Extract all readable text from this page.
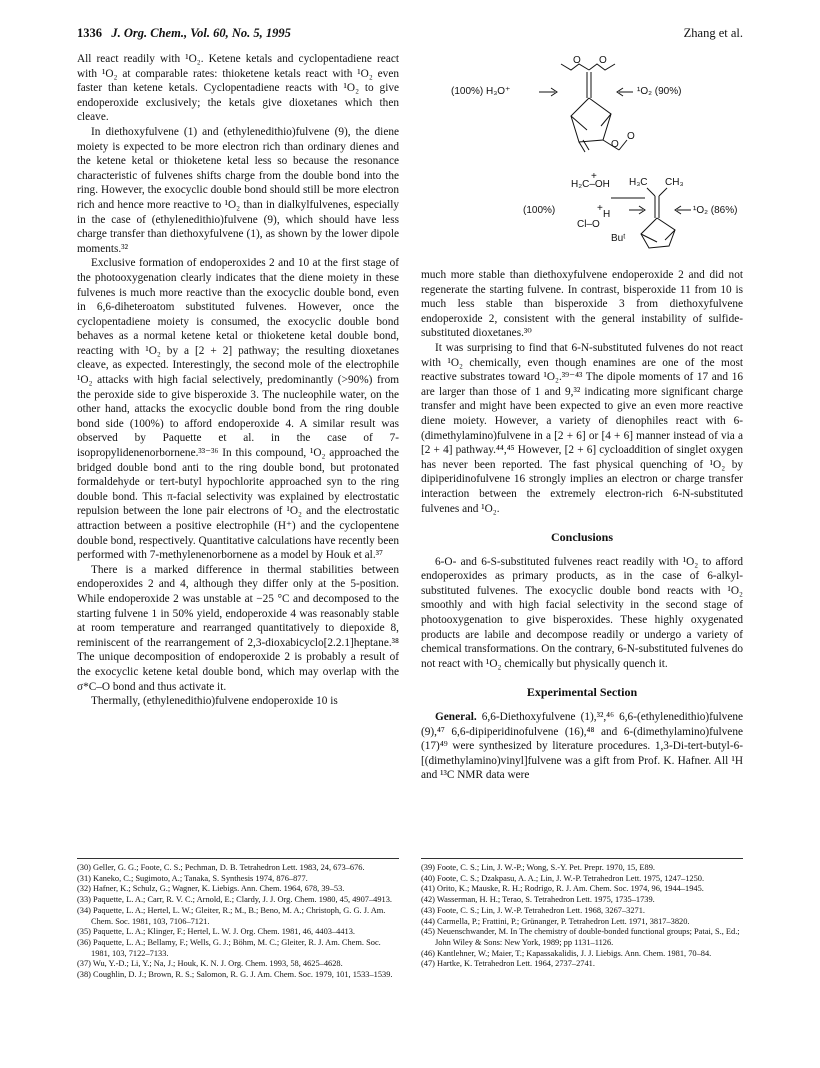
1336 J. Org. Chem., Vol. 60, No. 5, 1995	Zhang et al.

All react readily with ¹O₂. Ketene ketals and cyclopentadiene react with ¹O₂ at comparable rates: thioketene ketals react with ¹O₂ even faster than ketene ketals. Cyclopentadiene reacts with ¹O₂ to give endoperoxide exclusively; the ketals give dioxetanes which then cleave.

In diethoxyfulvene (1) and (ethylenedithio)fulvene (9), the diene moiety is expected to be more electron rich than ordinary dienes and the ketene ketal or thioketene ketal less so because the resonance characteristic of fulvenes shifts charge from the double bond into the ring. However, the exocyclic double bond should still be more electron rich and hence more reactive to ¹O₂ than in dialkylfulvenes, especially in the case of (ethylenedithio)fulvene (9), which should have less charge transfer than diethoxyfulvene (1), as shown by the lower dipole moments.³²

Exclusive formation of endoperoxides 2 and 10 at the first stage of the photooxygenation clearly indicates that the diene moiety in these fulvenes is much more reactive than the exocyclic double bond, even in 6,6-diheteroatom substituted fulvenes. However, once the cyclopentadiene moiety is consumed, the exocyclic double bond behaves as a normal ketene ketal or thioketene ketal double bond, reacting with ¹O₂ by a [2 + 2] pathway; the resulting dioxetanes cleave, as expected. Interestingly, the second mole of the electrophile ¹O₂ attacks with high facial selectively, predominantly (>90%) from the peroxide side to give bisperoxide 3. The nucleophile water, on the other hand, attacks the exocyclic double bond from the ring double bond side (100%) to afford endoperoxide 4. A similar result was observed by Paquette et al. in the case of 7-isopropylidenenorbornene.³³⁻³⁶ In this compound, ¹O₂ approached the bridged double bond anti to the ring double bond, but protonated formaldehyde or tert-butyl hypochlorite approached syn to the ring double bond. This π-facial selectivity was explained by electrostatic repulsion between the lone pair electrons of ¹O₂ and the electrostatic attraction between a positive electrophile (H⁺) and the cyclopentene double bond, respectively. Quantitative calculations have recently been performed with 7-methylenenorbornene as a model by Houk et al.³⁷

There is a marked difference in thermal stabilities between endoperoxides 2 and 4, although they differ only at the 5-position. While endoperoxide 2 was unstable at −25 °C and decomposed to the starting fulvene 1 in 50% yield, endoperoxide 4 was reasonably stable at room temperature and rearranged quantitatively to diepoxide 8, reminiscent of the rearrangement of 2,3-dioxabicyclo[2.2.1]heptane.³⁸ The unique decomposition of endoperoxide 2 is probably a result of the exocyclic ketene ketal double bond, which may overlap with the σ*C–O bond and thus activate it.

Thermally, (ethylenedithio)fulvene endoperoxide 10 is

O O
O
O
(100%) H₃O⁺	¹O₂ (90%)
+
H₂C–OH H₃C CH₃
(100%)	+
H
Cl–O
Buᵗ
¹O₂ (86%)

much more stable than diethoxyfulvene endoperoxide 2 and did not regenerate the starting fulvene. In contrast, bisperoxide 11 from 10 is much less stable than bisperoxide 3 from diethoxyfulvene endoperoxide 2, consistent with the general instability of sulfide-substituted dioxetanes.³⁰

It was surprising to find that 6-N-substituted fulvenes do not react with ¹O₂ chemically, even though enamines are one of the most reactive substrates toward ¹O₂.³⁹⁻⁴³ The dipole moments of 17 and 16 are larger than those of 1 and 9,³² indicating more significant charge transfer and might have been expected to give an even more reactive diene moiety. However, a variety of dienophiles react with 6-(dimethylamino)fulvene in a [2 + 6] or [4 + 6] manner instead of via a [2 + 4] pathway.⁴⁴,⁴⁵ However, [2 + 6] cycloaddition of singlet oxygen has never been reported. The fast physical quenching of ¹O₂ by dipiperidinofulvene 16 strongly implies an electron or charge transfer interaction between the extremely electron-rich 6-N-substituted fulvenes and ¹O₂.

Conclusions

6-O- and 6-S-substituted fulvenes react readily with ¹O₂ to afford endoperoxides as primary products, as in the case of 6-alkyl-substituted fulvenes. The exocyclic double bond reacts with ¹O₂ smoothly and with high facial selectivity in the second stage of photooxygenation to give bisperoxides. These highly oxygenated products are labile and decompose readily or undergo a variety of chemical transformations. On the contrary, 6-N-substituted fulvenes do not react with ¹O₂ chemically but physically quench it.

Experimental Section

General. 6,6-Diethoxyfulvene (1),³²,⁴⁶ 6,6-(ethylenedithio)fulvene (9),⁴⁷ 6,6-dipiperidinofulvene (16),⁴⁸ and 6-(dimethylamino)fulvene (17)⁴⁹ were synthesized by literature procedures. 1,3-Di-tert-butyl-6-[(dimethylamino)vinyl]fulvene was a gift from Prof. K. Hafner. All ¹H and ¹³C NMR data were

(30) Geller, G. G.; Foote, C. S.; Pechman, D. B. Tetrahedron Lett. 1983, 24, 673–676.
(31) Kaneko, C.; Sugimoto, A.; Tanaka, S. Synthesis 1974, 876–877.
(32) Hafner, K.; Schulz, G.; Wagner, K. Liebigs. Ann. Chem. 1964, 678, 39–53.
(33) Paquette, L. A.; Carr, R. V. C.; Arnold, E.; Clardy, J. J. Org. Chem. 1980, 45, 4907–4913.
(34) Paquette, L. A.; Hertel, L. W.; Gleiter, R.; M., B.; Beno, M. A.; Christoph, G. G. J. Am. Chem. Soc. 1981, 103, 7106–7121.
(35) Paquette, L. A.; Klinger, F.; Hertel, L. W. J. Org. Chem. 1981, 46, 4403–4413.
(36) Paquette, L. A.; Bellamy, F.; Wells, G. J.; Böhm, M. C.; Gleiter, R. J. Am. Chem. Soc. 1981, 103, 7122–7133.
(37) Wu, Y.-D.; Li, Y.; Na, J.; Houk, K. N. J. Org. Chem. 1993, 58, 4625–4628.
(38) Coughlin, D. J.; Brown, R. S.; Salomon, R. G. J. Am. Chem. Soc. 1979, 101, 1533–1539.
(39) Foote, C. S.; Lin, J. W.-P.; Wong, S.-Y. Pet. Prepr. 1970, 15, E89.
(40) Foote, C. S.; Dzakpasu, A. A.; Lin, J. W.-P. Tetrahedron Lett. 1975, 1247–1250.
(41) Orito, K.; Mauske, R. H.; Rodrigo, R. J. Am. Chem. Soc. 1974, 96, 1944–1945.
(42) Wasserman, H. H.; Terao, S. Tetrahedron Lett. 1975, 1735–1739.
(43) Foote, C. S.; Lin, J. W.-P. Tetrahedron Lett. 1968, 3267–3271.
(44) Carmella, P.; Frattini, P.; Grünanger, P. Tetrahedron Lett. 1971, 3817–3820.
(45) Neuenschwander, M. In The chemistry of double-bonded functional groups; Patai, S., Ed.; John Wiley & Sons: New York, 1989; pp 1131–1126.
(46) Kantlehner, W.; Maier, T.; Kapassakalidis, J. J. Liebigs. Ann. Chem. 1981, 70–84.
(47) Hartke, K. Tetrahedron Lett. 1964, 2737–2741.
